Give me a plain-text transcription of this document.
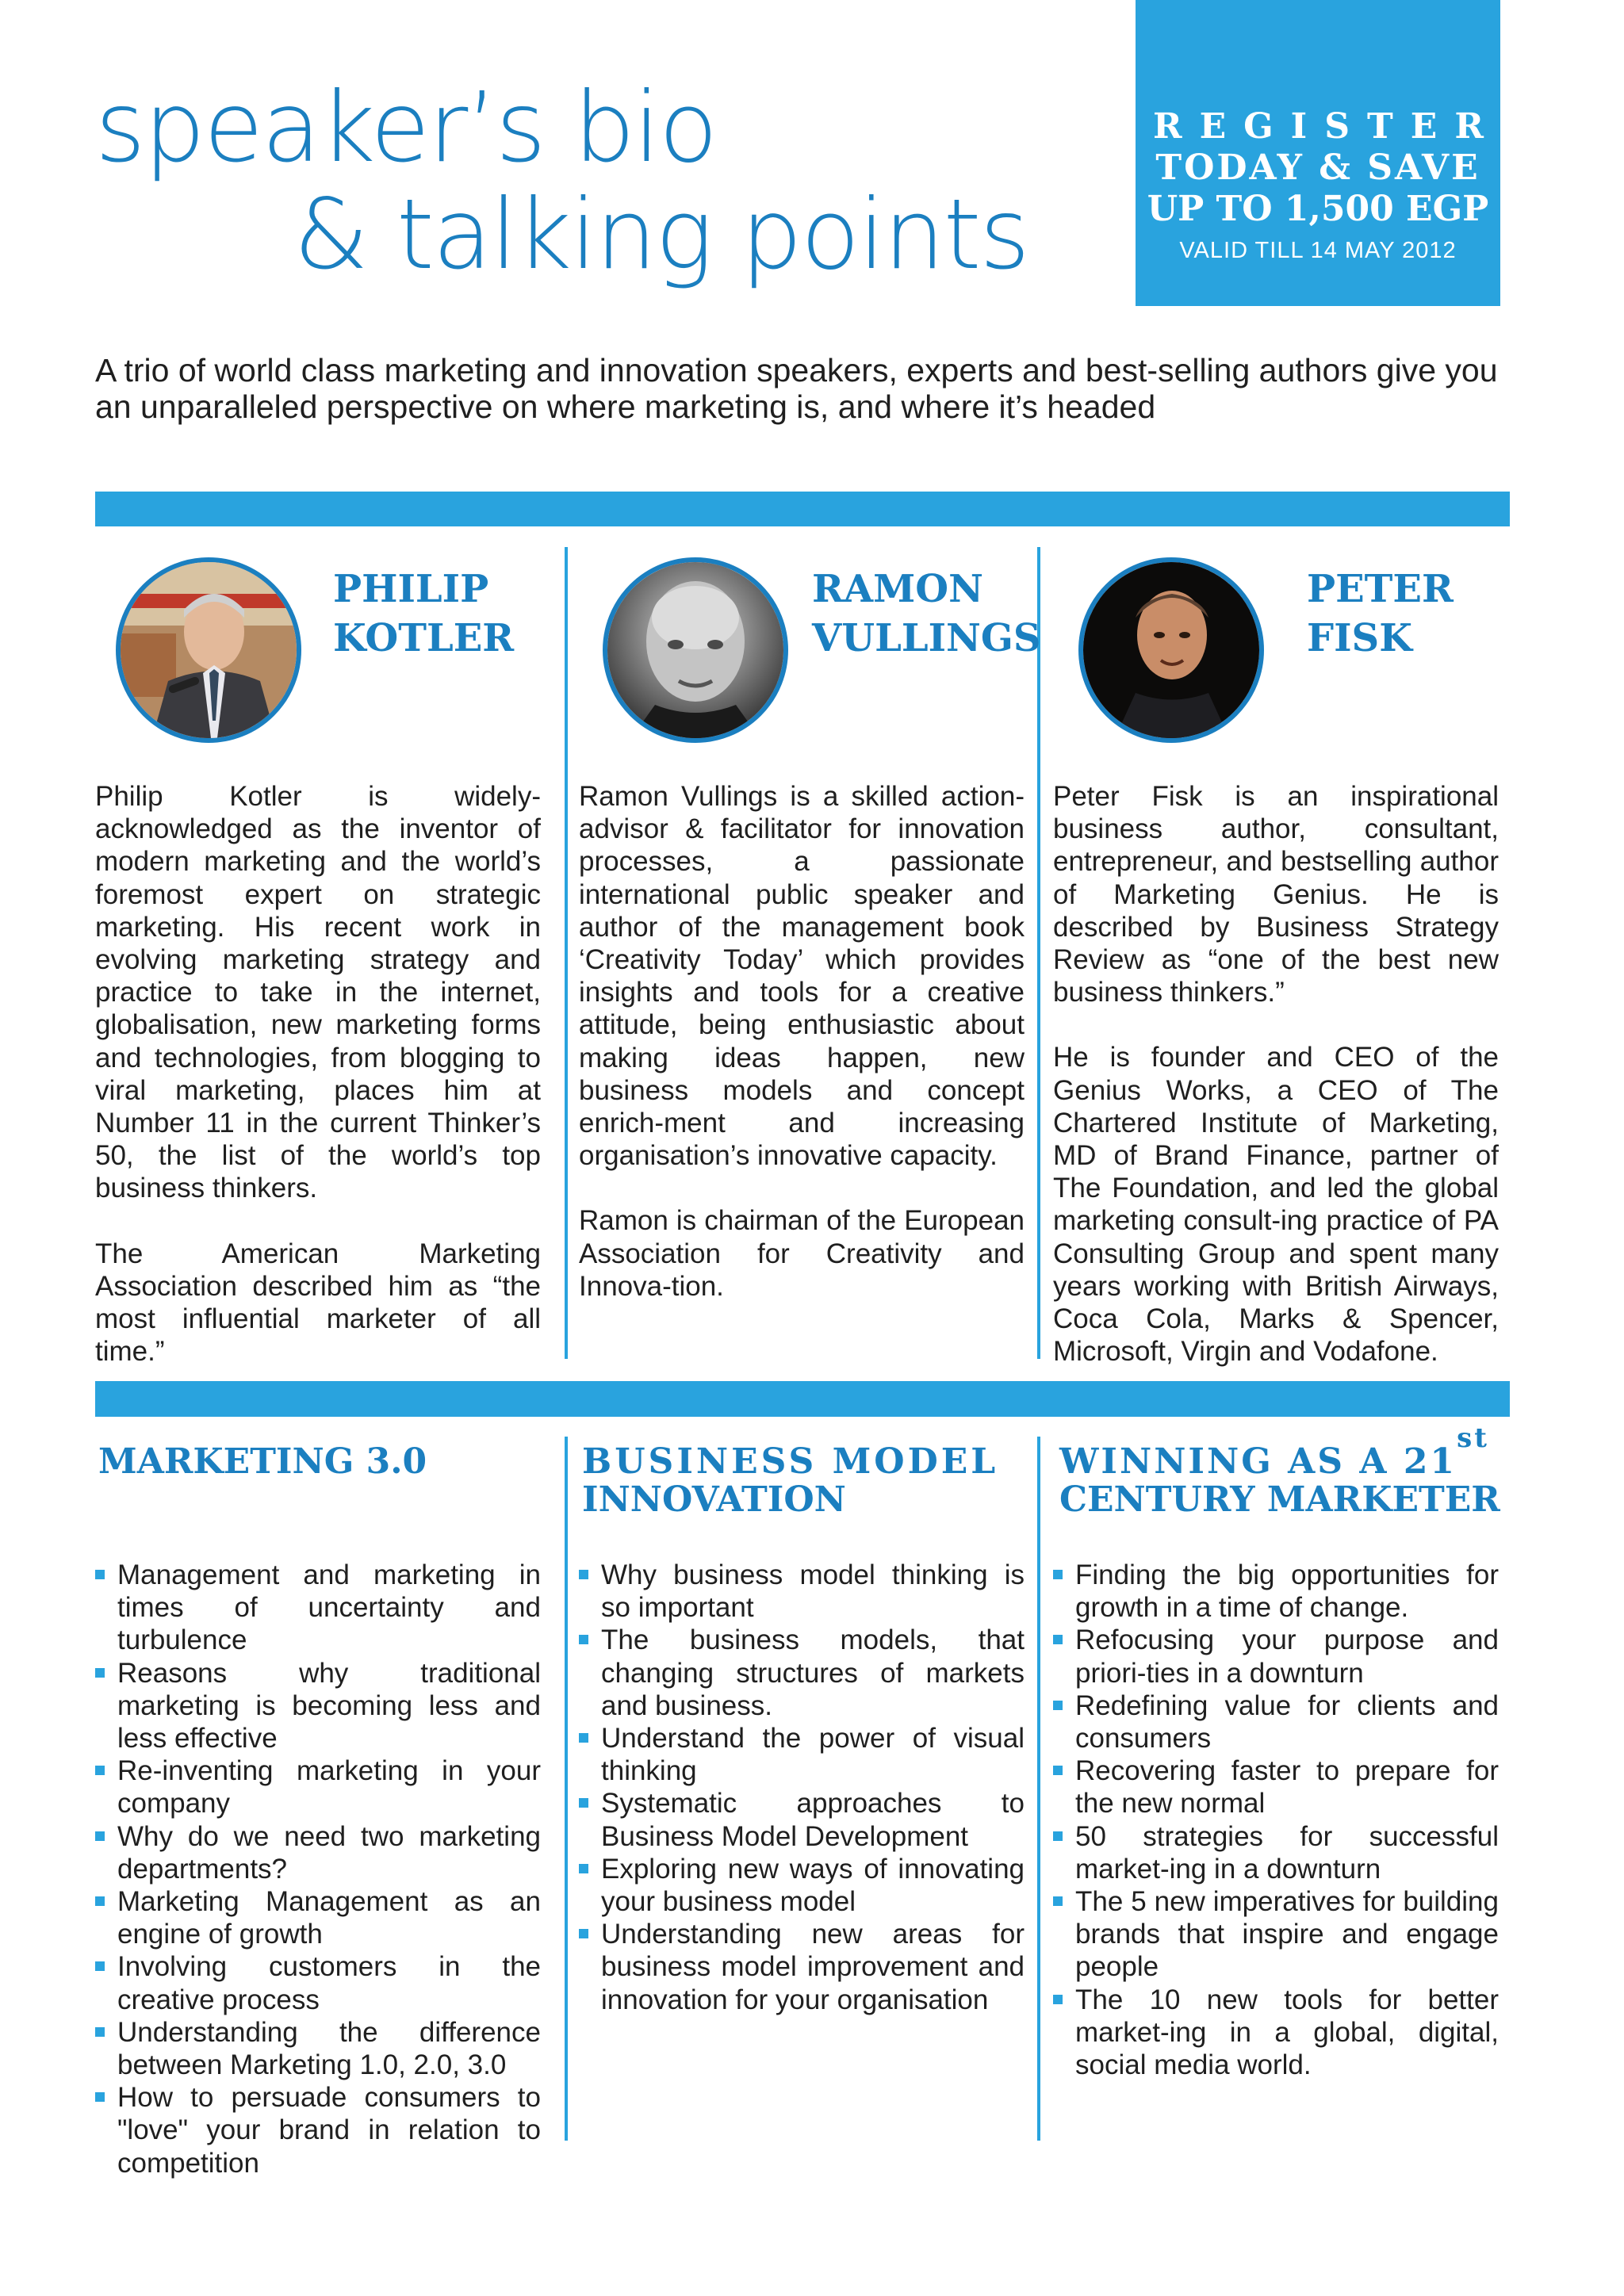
speaker’s bio
& talking points
REGISTER
TODAY & SAVE
UP TO 1,500 EGP
VALID TILL 14 MAY 2012

A trio of world class marketing and innovation speakers, experts and best-selling authors give you an unparalleled perspective on where marketing is, and where it’s headed

PHILIP
KOTLER

Philip Kotler is widely-acknowledged as the inventor of modern marketing and the world’s foremost expert on strategic marketing. His recent work in evolving marketing strategy and practice to take in the internet, globalisation, new marketing forms and technologies, from blogging to viral marketing, places him at Number 11 in the current Thinker’s 50, the list of the world’s top business thinkers.

The American Marketing Association described him as “the most influential marketer of all time.”

RAMON
VULLINGS

Ramon Vullings is a skilled action-advisor & facilitator for innovation processes, a passionate international public speaker and author of the management book ‘Creativity Today’ which provides insights and tools for a creative attitude, being enthusiastic about making ideas happen, new business models and concept enrich-ment and increasing organisation’s innovative capacity.

Ramon is chairman of the European Association for Creativity and Innova-tion.

PETER
FISK

Peter Fisk is an inspirational business author, consultant, entrepreneur, and bestselling author of Marketing Genius. He is described by Business Strategy Review as “one of the best new business thinkers.”

He is founder and CEO of the Genius Works, a CEO of The Chartered Institute of Marketing, MD of Brand Finance, partner of The Foundation, and led the global marketing consult-ing practice of PA Consulting Group and spent many years working with British Airways, Coca Cola, Marks & Spencer, Microsoft, Virgin and Vodafone.

MARKETING 3.0
Management and marketing in times of uncertainty and turbulence
Reasons why traditional marketing is becoming less and less effective
Re-inventing marketing in your company
Why do we need two marketing departments?
Marketing Management as an engine of growth
Involving customers in the creative process
Understanding the difference between Marketing 1.0, 2.0, 3.0
How to persuade consumers to "love" your brand in relation to competition
BUSINESS MODEL
INNOVATION
Why business model thinking is so important
The business models, that changing structures of markets and business.
Understand the power of visual thinking
Systematic approaches to Business Model Development
Exploring new ways of innovating your business model
Understanding new areas for business model improvement and innovation for your organisation
WINNING AS A 21st
CENTURY MARKETER
Finding the big opportunities for growth in a time of change.
Refocusing your purpose and priori-ties in a downturn
Redefining value for clients and consumers
Recovering faster to prepare for the new normal
50 strategies for successful market-ing in a downturn
The 5 new imperatives for building brands that inspire and engage people
The 10 new tools for better market-ing in a global, digital, social media world.
